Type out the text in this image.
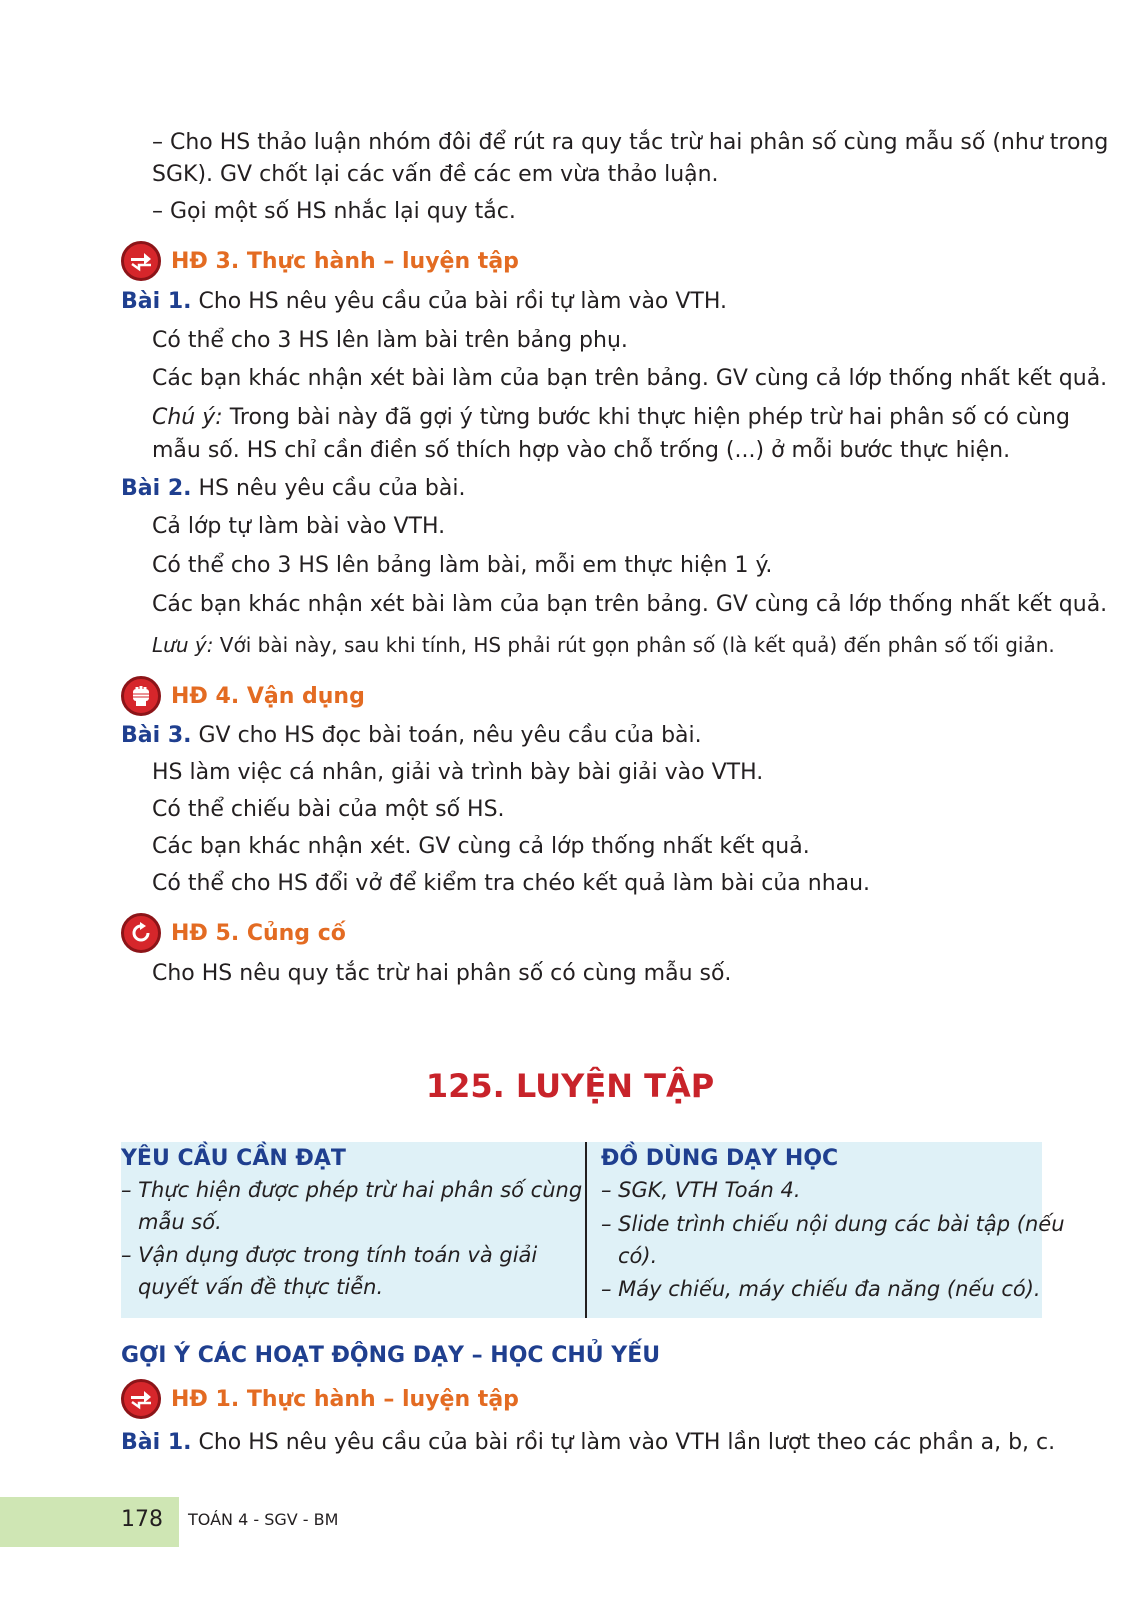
– Cho HS thảo luận nhóm đôi để rút ra quy tắc trừ hai phân số cùng mẫu số (như trong
SGK). GV chốt lại các vấn đề các em vừa thảo luận.
– Gọi một số HS nhắc lại quy tắc.
HĐ 3. Thực hành – luyện tập
Bài 1. Cho HS nêu yêu cầu của bài rồi tự làm vào VTH.
Có thể cho 3 HS lên làm bài trên bảng phụ.
Các bạn khác nhận xét bài làm của bạn trên bảng. GV cùng cả lớp thống nhất kết quả.
Chú ý: Trong bài này đã gợi ý từng bước khi thực hiện phép trừ hai phân số có cùng
mẫu số. HS chỉ cần điền số thích hợp vào chỗ trống (...) ở mỗi bước thực hiện.
Bài 2. HS nêu yêu cầu của bài.
Cả lớp tự làm bài vào VTH.
Có thể cho 3 HS lên bảng làm bài, mỗi em thực hiện 1 ý.
Các bạn khác nhận xét bài làm của bạn trên bảng. GV cùng cả lớp thống nhất kết quả.
Lưu ý: Với bài này, sau khi tính, HS phải rút gọn phân số (là kết quả) đến phân số tối giản.
HĐ 4. Vận dụng
Bài 3. GV cho HS đọc bài toán, nêu yêu cầu của bài.
HS làm việc cá nhân, giải và trình bày bài giải vào VTH.
Có thể chiếu bài của một số HS.
Các bạn khác nhận xét. GV cùng cả lớp thống nhất kết quả.
Có thể cho HS đổi vở để kiểm tra chéo kết quả làm bài của nhau.
HĐ 5. Củng cố
Cho HS nêu quy tắc trừ hai phân số có cùng mẫu số.
125. LUYỆN TẬP
YÊU CẦU CẦN ĐẠT
– Thực hiện được phép trừ hai phân số cùng
mẫu số.
– Vận dụng được trong tính toán và giải
quyết vấn đề thực tiễn.
ĐỒ DÙNG DẠY HỌC
– SGK, VTH Toán 4.
– Slide trình chiếu nội dung các bài tập (nếu
có).
– Máy chiếu, máy chiếu đa năng (nếu có).
GỢI Ý CÁC HOẠT ĐỘNG DẠY – HỌC CHỦ YẾU
HĐ 1. Thực hành – luyện tập
Bài 1. Cho HS nêu yêu cầu của bài rồi tự làm vào VTH lần lượt theo các phần a, b, c.
178 TOÁN 4 - SGV - BM
